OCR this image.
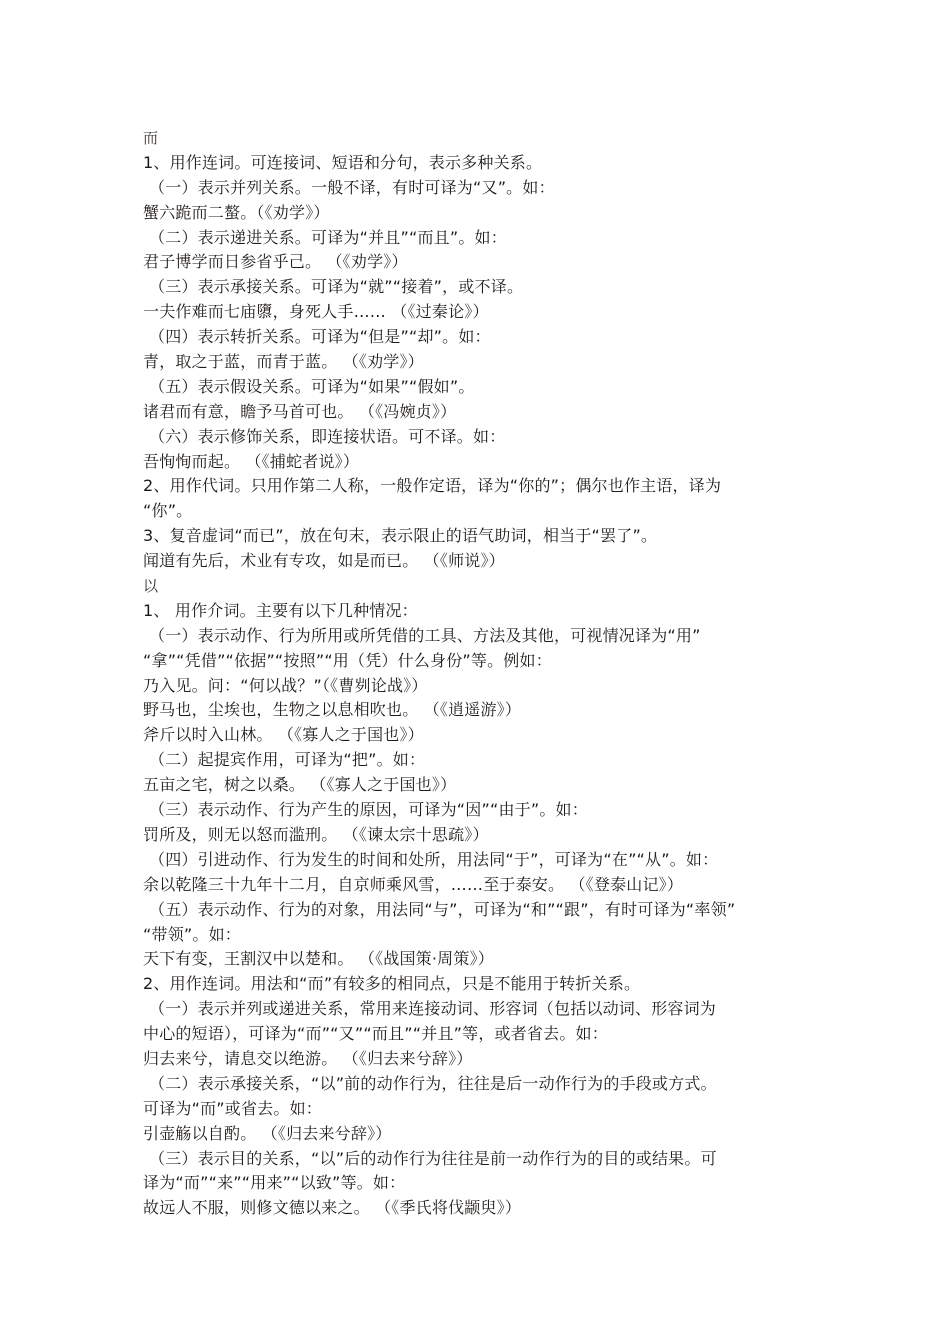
而
1、用作连词。可连接词、短语和分句，表示多种关系。
（一）表示并列关系。一般不译，有时可译为“又”。如：
蟹六跪而二螯。（《劝学》）
（二）表示递进关系。可译为“并且”“而且”。如：
君子博学而日参省乎己。 （《劝学》）
（三）表示承接关系。可译为“就”“接着”，或不译。
一夫作难而七庙隳，身死人手…… （《过秦论》）
（四）表示转折关系。可译为“但是”“却”。如：
青，取之于蓝，而青于蓝。 （《劝学》）
（五）表示假设关系。可译为“如果”“假如”。
诸君而有意，瞻予马首可也。 （《冯婉贞》）
（六）表示修饰关系，即连接状语。可不译。如：
吾恂恂而起。 （《捕蛇者说》）
2、用作代词。只用作第二人称，一般作定语，译为“你的”；偶尔也作主语，译为
“你”。
3、复音虚词“而已”，放在句末，表示限止的语气助词，相当于“罢了”。
闻道有先后，术业有专攻，如是而已。 （《师说》）
以
1、 用作介词。主要有以下几种情况：
（一）表示动作、行为所用或所凭借的工具、方法及其他，可视情况译为“用”
“拿”“凭借”“依据”“按照”“用（凭）什么身份”等。例如：
乃入见。问：“何以战？”（《曹刿论战》）
野马也，尘埃也，生物之以息相吹也。 （《逍遥游》）
斧斤以时入山林。 （《寡人之于国也》）
（二）起提宾作用，可译为“把”。如：
五亩之宅，树之以桑。 （《寡人之于国也》）
（三）表示动作、行为产生的原因，可译为“因”“由于”。如：
罚所及，则无以怒而滥刑。 （《谏太宗十思疏》）
（四）引进动作、行为发生的时间和处所，用法同“于”，可译为“在”“从”。如：
余以乾隆三十九年十二月，自京师乘风雪，……至于泰安。 （《登泰山记》）
（五）表示动作、行为的对象，用法同“与”，可译为“和”“跟”，有时可译为“率领”
“带领”。如：
天下有变，王割汉中以楚和。 （《战国策·周策》）
2、用作连词。用法和“而”有较多的相同点，只是不能用于转折关系。
（一）表示并列或递进关系，常用来连接动词、形容词（包括以动词、形容词为
中心的短语），可译为“而”“又”“而且”“并且”等，或者省去。如：
归去来兮，请息交以绝游。 （《归去来兮辞》）
（二）表示承接关系，“以”前的动作行为，往往是后一动作行为的手段或方式。
可译为“而”或省去。如：
引壶觞以自酌。 （《归去来兮辞》）
（三）表示目的关系，“以”后的动作行为往往是前一动作行为的目的或结果。可
译为“而”“来”“用来”“以致”等。如：
故远人不服，则修文德以来之。 （《季氏将伐颛臾》）
